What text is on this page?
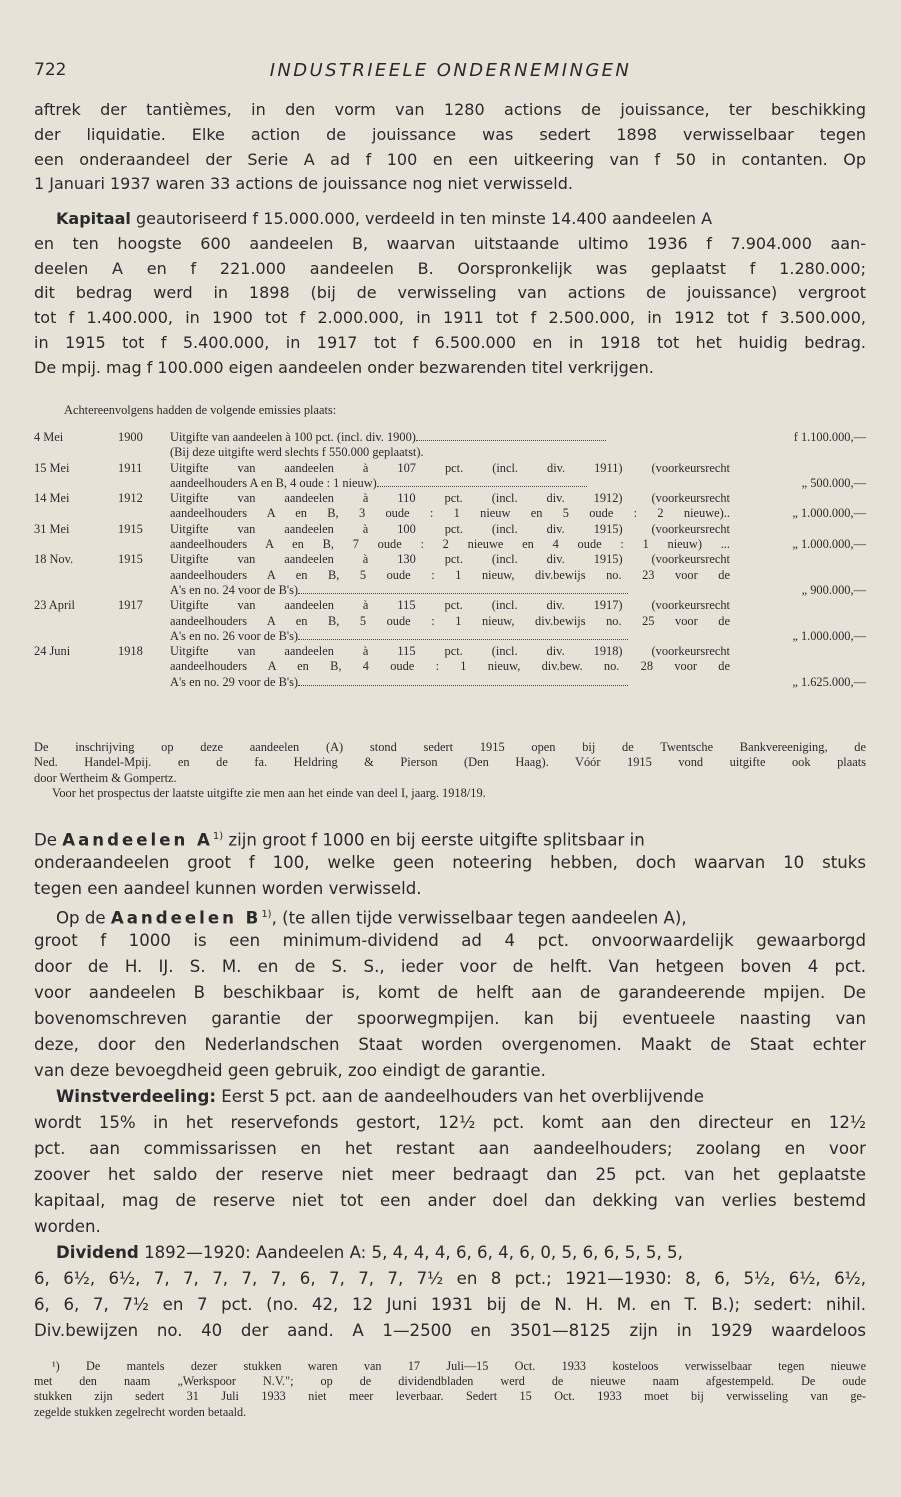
722	INDUSTRIEELE ONDERNEMINGEN
aftrek der tantièmes, in den vorm van 1280 actions de jouissance, ter beschikking
der liquidatie. Elke action de jouissance was sedert 1898 verwisselbaar tegen
een onderaandeel der Serie A ad f 100 en een uitkeering van f 50 in contanten. Op
1 Januari 1937 waren 33 actions de jouissance nog niet verwisseld.
Kapitaal geautoriseerd f 15.000.000, verdeeld in ten minste 14.400 aandeelen A
en ten hoogste 600 aandeelen B, waarvan uitstaande ultimo 1936 f 7.904.000 aan-
deelen A en f 221.000 aandeelen B. Oorspronkelijk was geplaatst f 1.280.000;
dit bedrag werd in 1898 (bij de verwisseling van actions de jouissance) vergroot
tot f 1.400.000, in 1900 tot f 2.000.000, in 1911 tot f 2.500.000, in 1912 tot f 3.500.000,
in 1915 tot f 5.400.000, in 1917 tot f 6.500.000 en in 1918 tot het huidig bedrag.
De mpij. mag f 100.000 eigen aandeelen onder bezwarenden titel verkrijgen.
Achtereenvolgens hadden de volgende emissies plaats:
4 Mei	1900	Uitgifte van aandeelen à 100 pct. (incl. div. 1900)	f 1.100.000,—
(Bij deze uitgifte werd slechts f 550.000 geplaatst).
15 Mei	1911	Uitgifte van aandeelen à 107 pct. (incl. div. 1911) (voorkeursrecht
aandeelhouders A en B, 4 oude : 1 nieuw)	„ 500.000,—
14 Mei	1912	Uitgifte van aandeelen à 110 pct. (incl. div. 1912) (voorkeursrecht
aandeelhouders A en B, 3 oude : 1 nieuw en 5 oude : 2 nieuwe)..	„ 1.000.000,—
31 Mei	1915	Uitgifte van aandeelen à 100 pct. (incl. div. 1915) (voorkeursrecht
aandeelhouders A en B, 7 oude : 2 nieuwe en 4 oude : 1 nieuw) ...	„ 1.000.000,—
18 Nov.	1915	Uitgifte van aandeelen à 130 pct. (incl. div. 1915) (voorkeursrecht
aandeelhouders A en B, 5 oude : 1 nieuw, div.bewijs no. 23 voor de
A's en no. 24 voor de B's)	„ 900.000,—
23 April	1917	Uitgifte van aandeelen à 115 pct. (incl. div. 1917) (voorkeursrecht
aandeelhouders A en B, 5 oude : 1 nieuw, div.bewijs no. 25 voor de
A's en no. 26 voor de B's)	„ 1.000.000,—
24 Juni	1918	Uitgifte van aandeelen à 115 pct. (incl. div. 1918) (voorkeursrecht
aandeelhouders A en B, 4 oude : 1 nieuw, div.bew. no. 28 voor de
A's en no. 29 voor de B's)	„ 1.625.000,—
De inschrijving op deze aandeelen (A) stond sedert 1915 open bij de Twentsche Bankvereeniging, de
Ned. Handel-Mpij. en de fa. Heldring & Pierson (Den Haag). Vóór 1915 vond uitgifte ook plaats
door Wertheim & Gompertz.
Voor het prospectus der laatste uitgifte zie men aan het einde van deel I, jaarg. 1918/19.
De Aandeelen $A^{1)}$ zijn groot f 1000 en bij eerste uitgifte splitsbaar in
onderaandeelen groot f 100, welke geen noteering hebben, doch waarvan 10 stuks
tegen een aandeel kunnen worden verwisseld.
Op de Aandeelen $B^{1)}$, (te allen tijde verwisselbaar tegen aandeelen A),
groot f 1000 is een minimum-dividend ad 4 pct. onvoorwaardelijk gewaarborgd
door de H. IJ. S. M. en de S. S., ieder voor de helft. Van hetgeen boven 4 pct.
voor aandeelen B beschikbaar is, komt de helft aan de garandeerende mpijen. De
bovenomschreven garantie der spoorwegmpijen. kan bij eventueele naasting van
deze, door den Nederlandschen Staat worden overgenomen. Maakt de Staat echter
van deze bevoegdheid geen gebruik, zoo eindigt de garantie.
Winstverdeeling: Eerst 5 pct. aan de aandeelhouders van het overblijvende
wordt 15% in het reservefonds gestort, 12½ pct. komt aan den directeur en 12½
pct. aan commissarissen en het restant aan aandeelhouders; zoolang en voor
zoover het saldo der reserve niet meer bedraagt dan 25 pct. van het geplaatste
kapitaal, mag de reserve niet tot een ander doel dan dekking van verlies bestemd
worden.
Dividend 1892—1920: Aandeelen A: 5, 4, 4, 4, 6, 6, 4, 6, 0, 5, 6, 6, 5, 5, 5,
6, 6½, 6½, 7, 7, 7, 7, 7, 6, 7, 7, 7, 7½ en 8 pct.; 1921—1930: 8, 6, 5½, 6½, 6½,
6, 6, 7, 7½ en 7 pct. (no. 42, 12 Juni 1931 bij de N. H. M. en T. B.); sedert: nihil.
Div.bewijzen no. 40 der aand. A 1—2500 en 3501—8125 zijn in 1929 waardeloos
¹) De mantels dezer stukken waren van 17 Juli—15 Oct. 1933 kosteloos verwisselbaar tegen nieuwe
met den naam „Werkspoor N.V."; op de dividendbladen werd de nieuwe naam afgestempeld. De oude
stukken zijn sedert 31 Juli 1933 niet meer leverbaar. Sedert 15 Oct. 1933 moet bij verwisseling van ge-
zegelde stukken zegelrecht worden betaald.
